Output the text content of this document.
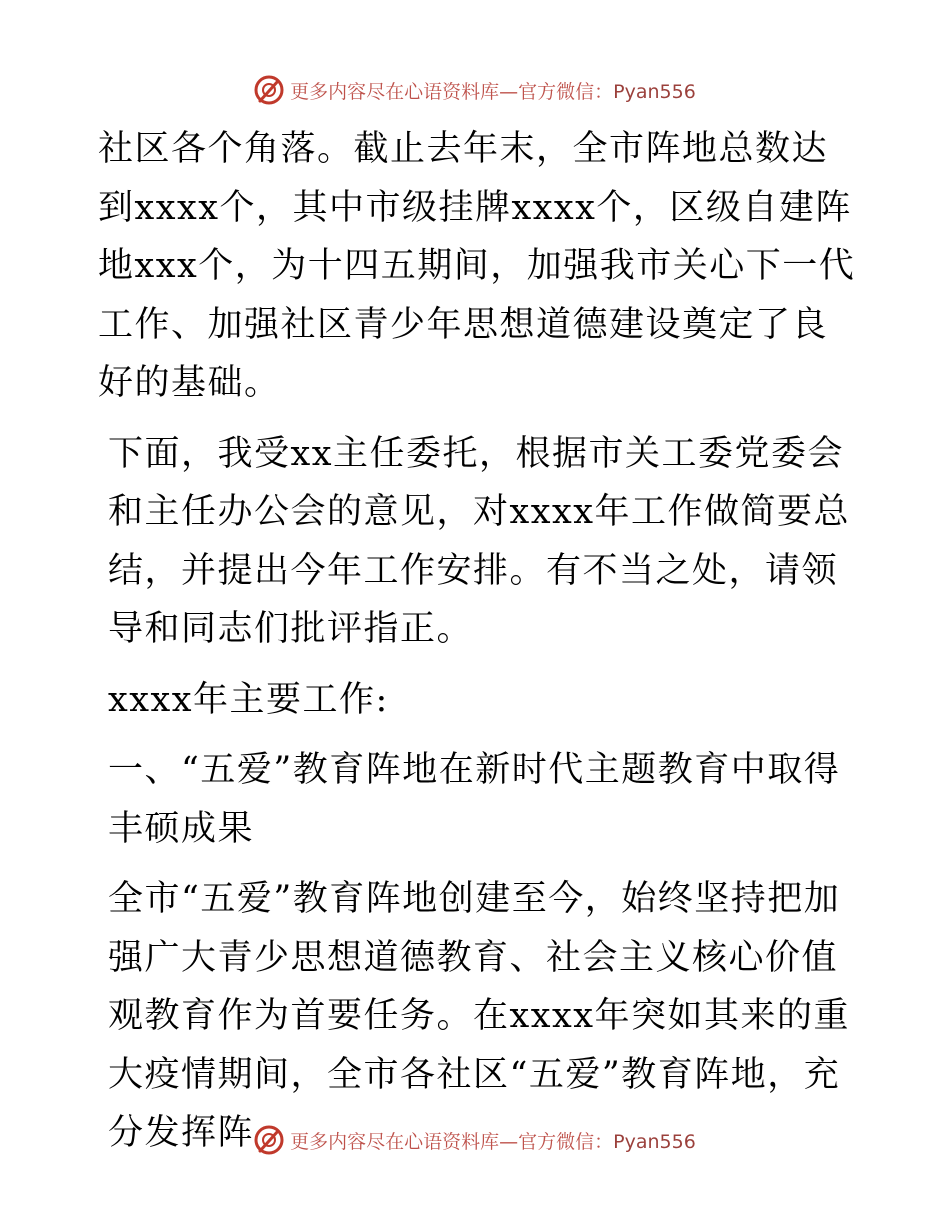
更多内容尽在心语资料库—官方微信：Pyan556

社区各个角落。截止去年末，全市阵地总数达到xxxx个，其中市级挂牌xxxx个，区级自建阵地xxx个，为十四五期间，加强我市关心下一代工作、加强社区青少年思想道德建设奠定了良好的基础。

下面，我受xx主任委托，根据市关工委党委会和主任办公会的意见，对xxxx年工作做简要总结，并提出今年工作安排。有不当之处，请领导和同志们批评指正。

xxxx年主要工作:

一、“五爱”教育阵地在新时代主题教育中取得丰硕成果

全市“五爱”教育阵地创建至今，始终坚持把加强广大青少思想道德教育、社会主义核心价值观教育作为首要任务。在xxxx年突如其来的重大疫情期间，全市各社区“五爱”教育阵地，充分发挥阵	更多内容尽在心语资料库—官方微信：Pyan556
